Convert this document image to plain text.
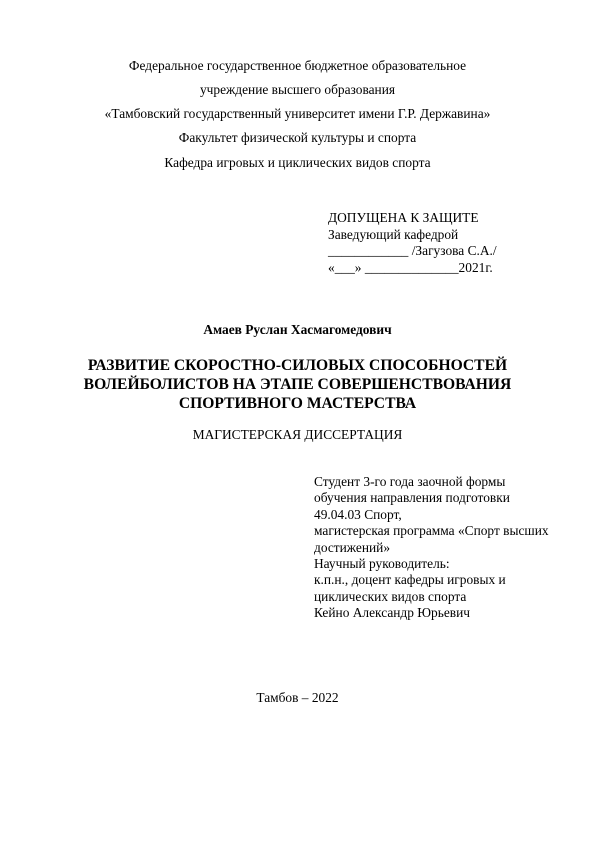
Федеральное государственное бюджетное образовательное
учреждение высшего образования
«Тамбовский государственный университет имени Г.Р. Державина»
Факультет физической культуры и спорта
Кафедра игровых и циклических видов спорта
ДОПУЩЕНА К ЗАЩИТЕ
Заведующий кафедрой
____________ /Загузова С.А./
«___» ______________2021г.
Амаев Руслан Хасмагомедович
РАЗВИТИЕ СКОРОСТНО-СИЛОВЫХ СПОСОБНОСТЕЙ
ВОЛЕЙБОЛИСТОВ НА ЭТАПЕ СОВЕРШЕНСТВОВАНИЯ
СПОРТИВНОГО МАСТЕРСТВА
МАГИСТЕРСКАЯ ДИССЕРТАЦИЯ
Студент 3-го года заочной формы
обучения направления подготовки
49.04.03 Спорт,
магистерская программа «Спорт высших
достижений»
Научный руководитель:
к.п.н., доцент кафедры игровых и
циклических видов спорта
Кейно Александр Юрьевич
Тамбов – 2022
